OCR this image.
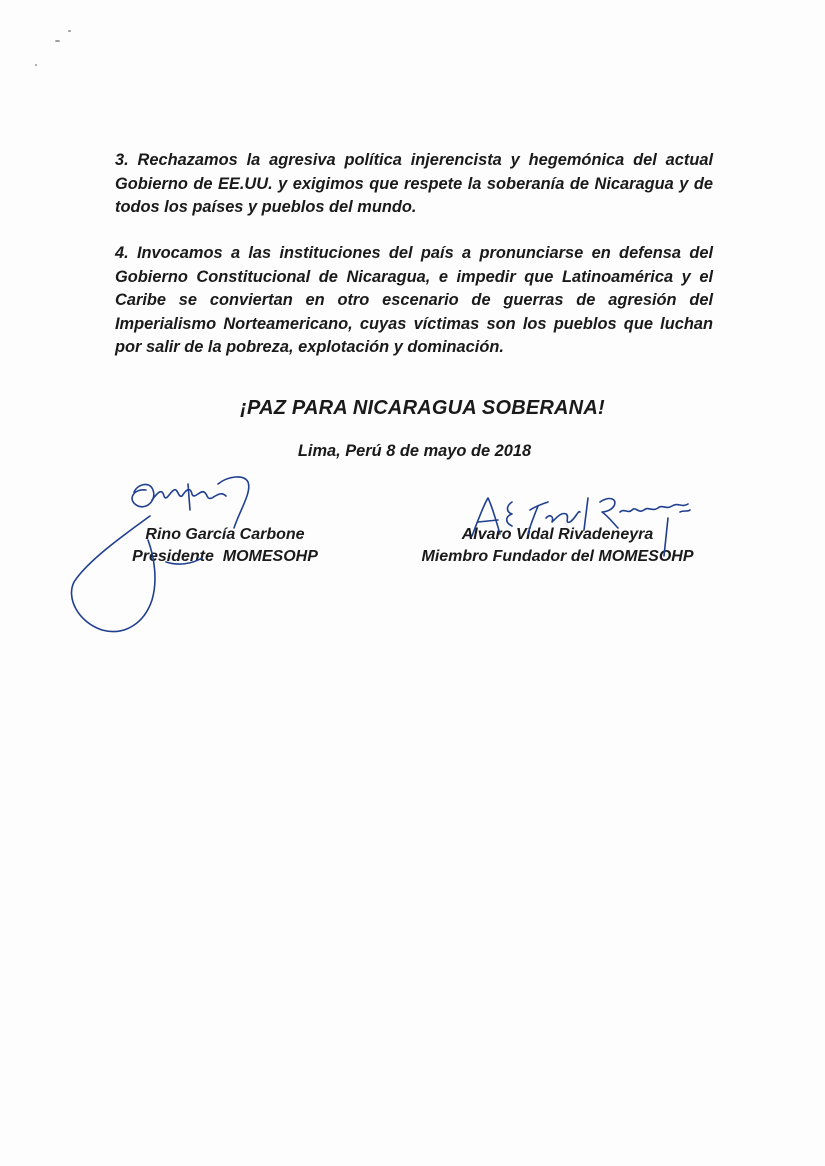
3. Rechazamos la agresiva política injerencista y hegemónica del actual Gobierno de EE.UU. y exigimos que respete la soberanía de Nicaragua y de todos los países y pueblos del mundo.

4. Invocamos a las instituciones del país a pronunciarse en defensa del Gobierno Constitucional de Nicaragua, e impedir que Latinoamérica y el Caribe se conviertan en otro escenario de guerras de agresión del Imperialismo Norteamericano, cuyas víctimas son los pueblos que luchan por salir de la pobreza, explotación y dominación.

¡PAZ PARA NICARAGUA SOBERANA!
Lima, Perú 8 de mayo de 2018
Rino García Carbone
Presidente  MOMESOHP
Alvaro Vidal Rivadeneyra
Miembro Fundador del MOMESOHP
